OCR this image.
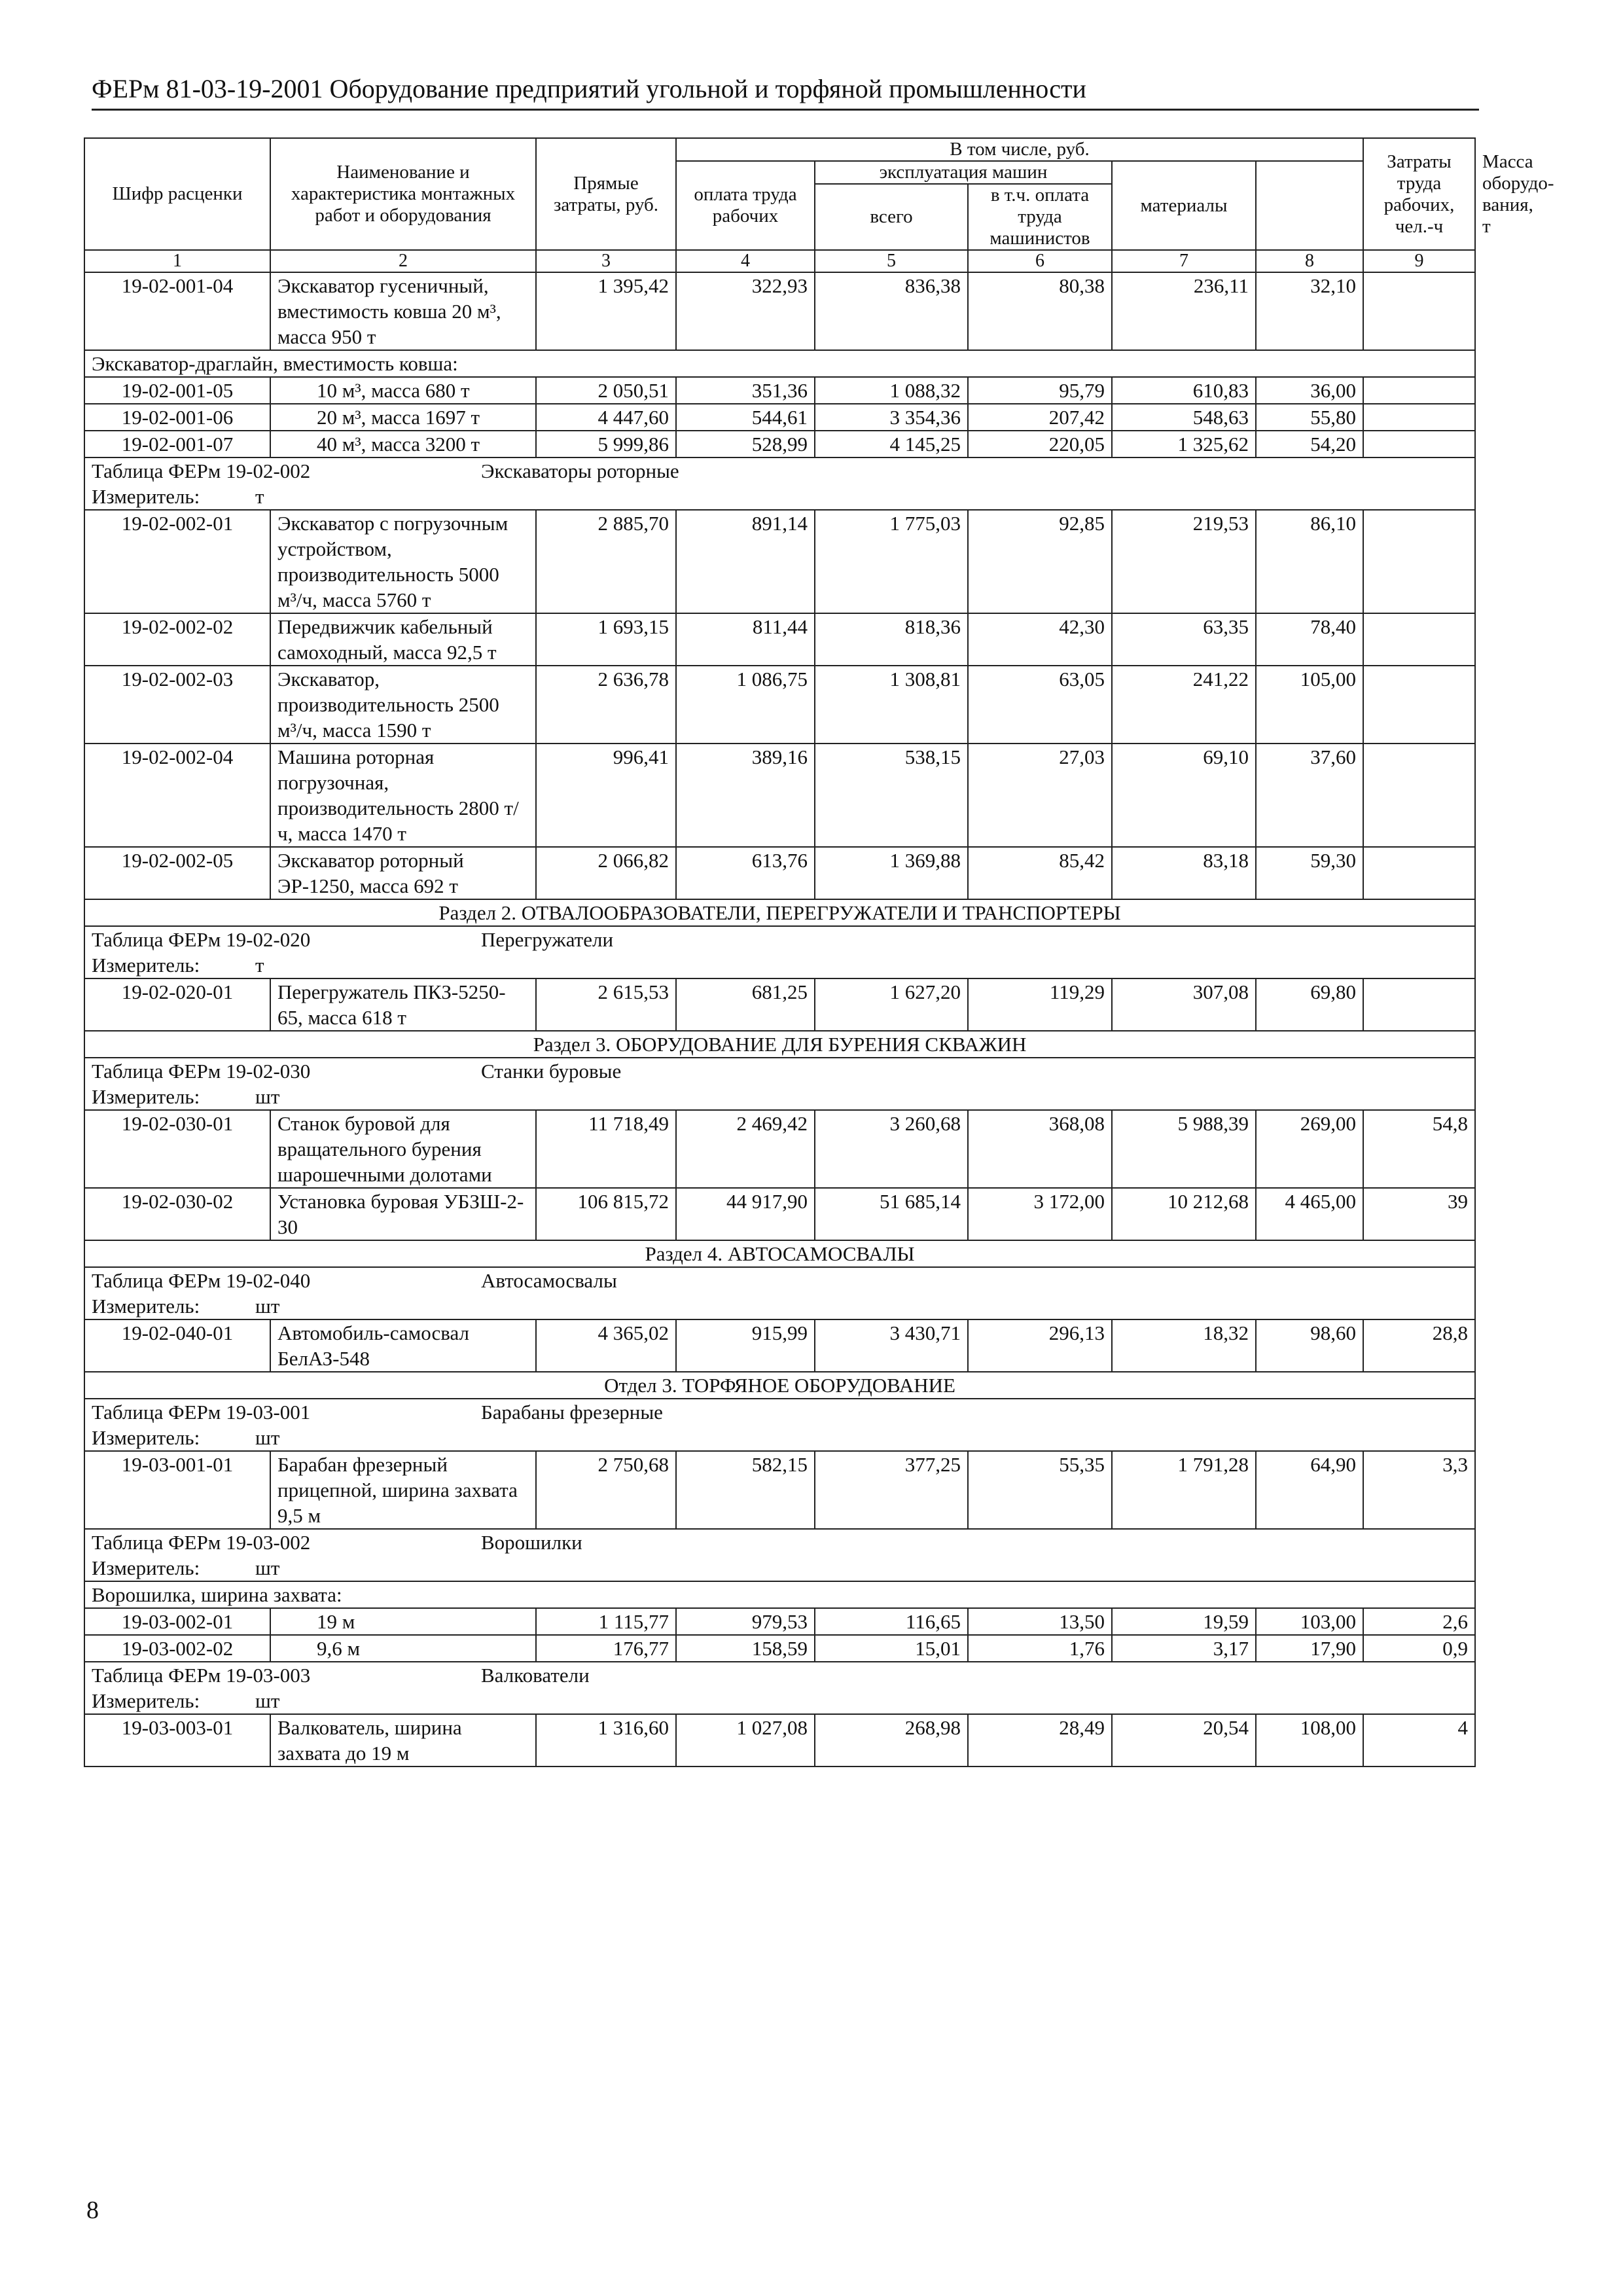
ФЕРм 81-03-19-2001 Оборудование предприятий угольной и торфяной промышленности
Шифр расценки	Наименование и характеристика монтажных работ и оборудования	Прямые затраты, руб.	В том числе, руб.					Затраты труда рабочих, чел.-ч	Масса оборудо-вания, т
			оплата труда рабочих	эксплуатация машин		материалы			
				всего	в т.ч. оплата труда машинистов				
1	2	3	4	5	6	7	8	9	
19-02-001-04	Экскаватор гусеничный, вместимость ковша 20 м³, масса 950 т	1 395,42	322,93	836,38	80,38	236,11	32,10		
Экскаватор-драглайн, вместимость ковша:									
19-02-001-05	10 м³, масса 680 т	2 050,51	351,36	1 088,32	95,79	610,83	36,00		
19-02-001-06	20 м³, масса 1697 т	4 447,60	544,61	3 354,36	207,42	548,63	55,80		
19-02-001-07	40 м³, масса 3200 т	5 999,86	528,99	4 145,25	220,05	1 325,62	54,20		
Таблица ФЕРм 19-02-002 Экскаваторы роторные									
Измеритель: т									
19-02-002-01	Экскаватор с погрузочным устройством, производительность 5000 м³/ч, масса 5760 т	2 885,70	891,14	1 775,03	92,85	219,53	86,10		
19-02-002-02	Передвижчик кабельный самоходный, масса 92,5 т	1 693,15	811,44	818,36	42,30	63,35	78,40		
19-02-002-03	Экскаватор, производительность 2500 м³/ч, масса 1590 т	2 636,78	1 086,75	1 308,81	63,05	241,22	105,00		
19-02-002-04	Машина роторная погрузочная, производительность 2800 т/ч, масса 1470 т	996,41	389,16	538,15	27,03	69,10	37,60		
19-02-002-05	Экскаватор роторный ЭР-1250, масса 692 т	2 066,82	613,76	1 369,88	85,42	83,18	59,30		
Раздел 2. ОТВАЛООБРАЗОВАТЕЛИ, ПЕРЕГРУЖАТЕЛИ И ТРАНСПОРТЕРЫ									
Таблица ФЕРм 19-02-020 Перегружатели									
Измеритель: т									
19-02-020-01	Перегружатель ПКЗ-5250-65, масса 618 т	2 615,53	681,25	1 627,20	119,29	307,08	69,80		
Раздел 3. ОБОРУДОВАНИЕ ДЛЯ БУРЕНИЯ СКВАЖИН									
Таблица ФЕРм 19-02-030 Станки буровые									
Измеритель: шт									
19-02-030-01	Станок буровой для вращательного бурения шарошечными долотами	11 718,49	2 469,42	3 260,68	368,08	5 988,39	269,00	54,8	
19-02-030-02	Установка буровая УБЗШ-2-30	106 815,72	44 917,90	51 685,14	3 172,00	10 212,68	4 465,00	39	
Раздел 4. АВТОСАМОСВАЛЫ									
Таблица ФЕРм 19-02-040 Автосамосвалы									
Измеритель: шт									
19-02-040-01	Автомобиль-самосвал БелАЗ-548	4 365,02	915,99	3 430,71	296,13	18,32	98,60	28,8	
Отдел 3. ТОРФЯНОЕ ОБОРУДОВАНИЕ									
Таблица ФЕРм 19-03-001 Барабаны фрезерные									
Измеритель: шт									
19-03-001-01	Барабан фрезерный прицепной, ширина захвата 9,5 м	2 750,68	582,15	377,25	55,35	1 791,28	64,90	3,3	
Таблица ФЕРм 19-03-002 Ворошилки									
Измеритель: шт									
Ворошилка, ширина захвата:									
19-03-002-01	19 м	1 115,77	979,53	116,65	13,50	19,59	103,00	2,6	
19-03-002-02	9,6 м	176,77	158,59	15,01	1,76	3,17	17,90	0,9	
Таблица ФЕРм 19-03-003 Валкователи									
Измеритель: шт									
19-03-003-01	Валкователь, ширина захвата до 19 м	1 316,60	1 027,08	268,98	28,49	20,54	108,00	4	
8
